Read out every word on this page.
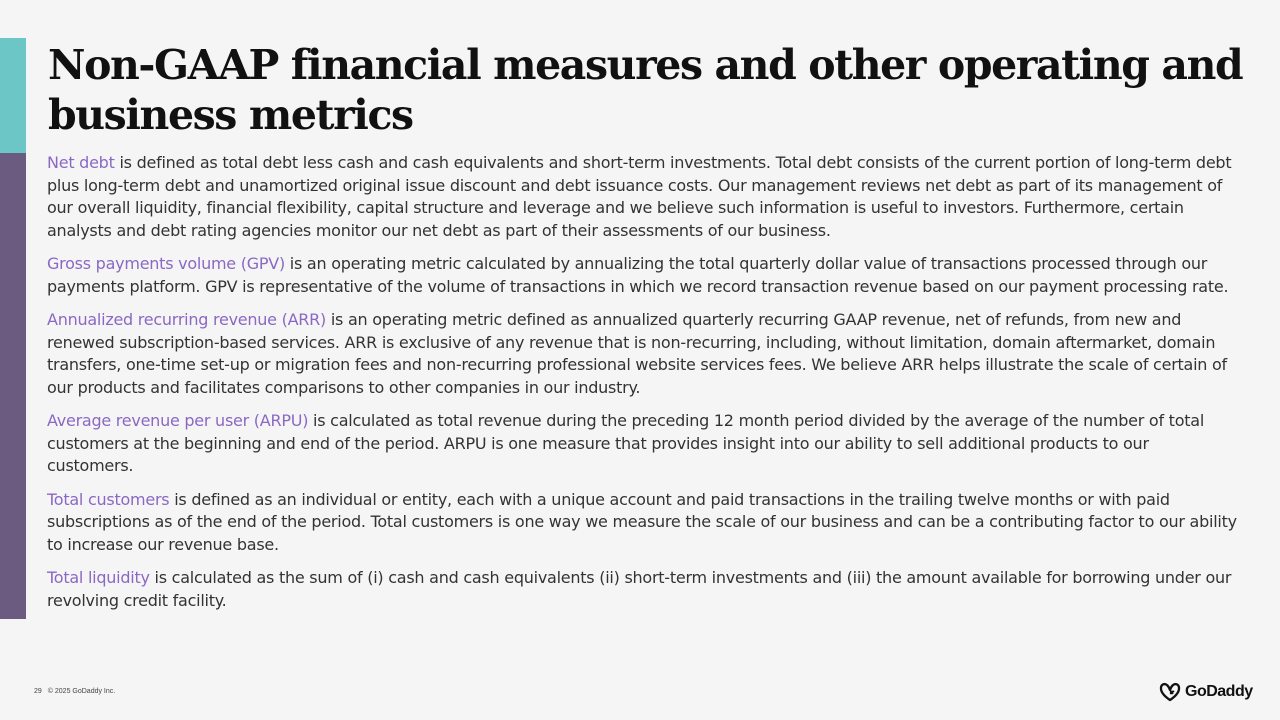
Non-GAAP financial measures and other operating and business metrics

Net debt is defined as total debt less cash and cash equivalents and short-term investments. Total debt consists of the current portion of long-term debt plus long-term debt and unamortized original issue discount and debt issuance costs. Our management reviews net debt as part of its management of our overall liquidity, financial flexibility, capital structure and leverage and we believe such information is useful to investors. Furthermore, certain analysts and debt rating agencies monitor our net debt as part of their assessments of our business.

Gross payments volume (GPV) is an operating metric calculated by annualizing the total quarterly dollar value of transactions processed through our payments platform. GPV is representative of the volume of transactions in which we record transaction revenue based on our payment processing rate.

Annualized recurring revenue (ARR) is an operating metric defined as annualized quarterly recurring GAAP revenue, net of refunds, from new and renewed subscription-based services. ARR is exclusive of any revenue that is non-recurring, including, without limitation, domain aftermarket, domain transfers, one-time set-up or migration fees and non-recurring professional website services fees. We believe ARR helps illustrate the scale of certain of our products and facilitates comparisons to other companies in our industry.

Average revenue per user (ARPU) is calculated as total revenue during the preceding 12 month period divided by the average of the number of total customers at the beginning and end of the period. ARPU is one measure that provides insight into our ability to sell additional products to our customers.

Total customers is defined as an individual or entity, each with a unique account and paid transactions in the trailing twelve months or with paid subscriptions as of the end of the period. Total customers is one way we measure the scale of our business and can be a contributing factor to our ability to increase our revenue base.

Total liquidity is calculated as the sum of (i) cash and cash equivalents (ii) short-term investments and (iii) the amount available for borrowing under our revolving credit facility.

29 © 2025 GoDaddy Inc.	GoDaddy
